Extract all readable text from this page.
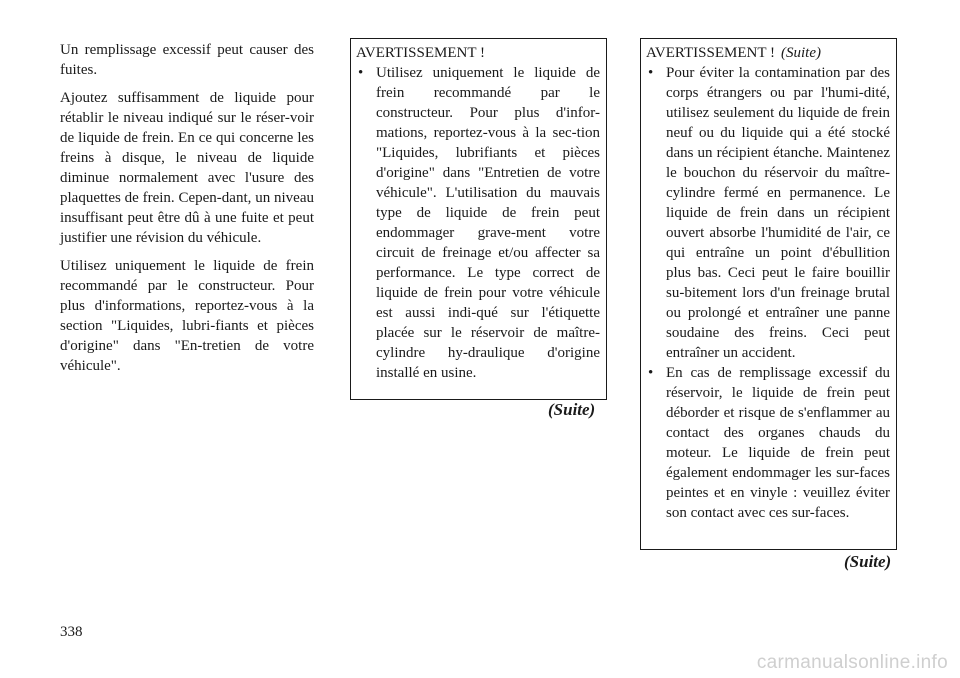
Un remplissage excessif peut causer des fuites.

Ajoutez suffisamment de liquide pour rétablir le niveau indiqué sur le réser-voir de liquide de frein. En ce qui concerne les freins à disque, le niveau de liquide diminue normalement avec l'usure des plaquettes de frein. Cepen-dant, un niveau insuffisant peut être dû à une fuite et peut justifier une révision du véhicule.

Utilisez uniquement le liquide de frein recommandé par le constructeur. Pour plus d'informations, reportez-vous à la section "Liquides, lubri-fiants et pièces d'origine" dans "En-tretien de votre véhicule".

AVERTISSEMENT !
• Utilisez uniquement le liquide de frein recommandé par le constructeur. Pour plus d'infor-mations, reportez-vous à la sec-tion "Liquides, lubrifiants et pièces d'origine" dans "Entretien de votre véhicule". L'utilisation du mauvais type de liquide de frein peut endommager grave-ment votre circuit de freinage et/ou affecter sa performance. Le type correct de liquide de frein pour votre véhicule est aussi indi-qué sur l'étiquette placée sur le réservoir de maître-cylindre hy-draulique d'origine installé en usine.
(Suite)
AVERTISSEMENT ! (Suite)
• Pour éviter la contamination par des corps étrangers ou par l'humi-dité, utilisez seulement du liquide de frein neuf ou du liquide qui a été stocké dans un récipient étanche. Maintenez le bouchon du réservoir du maître-cylindre fermé en permanence. Le liquide de frein dans un récipient ouvert absorbe l'humidité de l'air, ce qui entraîne un point d'ébullition plus bas. Ceci peut le faire bouillir su-bitement lors d'un freinage brutal ou prolongé et entraîner une panne soudaine des freins. Ceci peut entraîner un accident.
• En cas de remplissage excessif du réservoir, le liquide de frein peut déborder et risque de s'enflammer au contact des organes chauds du moteur. Le liquide de frein peut également endommager les sur-faces peintes et en vinyle : veuillez éviter son contact avec ces sur-faces.
(Suite)
338
carmanualsonline.info
